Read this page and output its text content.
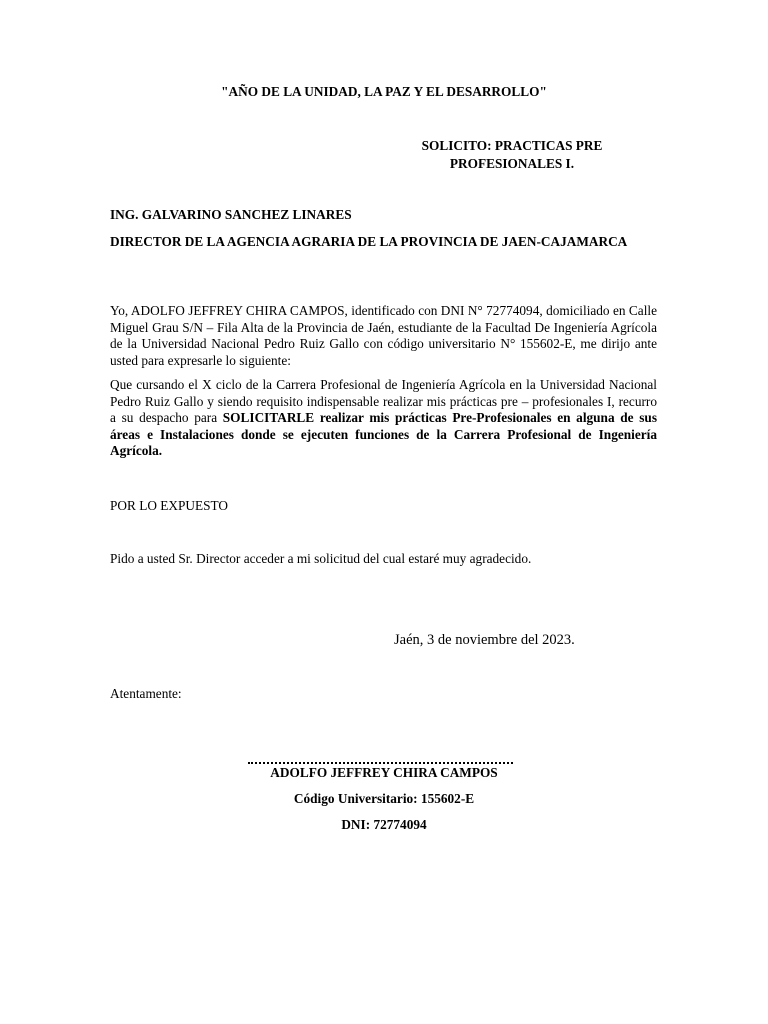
"AÑO DE LA UNIDAD, LA PAZ Y EL DESARROLLO"
SOLICITO: PRACTICAS PRE
PROFESIONALES I.
ING. GALVARINO SANCHEZ LINARES
DIRECTOR DE LA AGENCIA AGRARIA DE LA PROVINCIA DE JAEN-CAJAMARCA
Yo, ADOLFO JEFFREY CHIRA CAMPOS, identificado con DNI N° 72774094, domiciliado en Calle Miguel Grau S/N – Fila Alta de la Provincia de Jaén, estudiante de la Facultad De Ingeniería Agrícola de la Universidad Nacional Pedro Ruiz Gallo con código universitario N° 155602-E, me dirijo ante usted para expresarle lo siguiente:
Que cursando el X ciclo de la Carrera Profesional de Ingeniería Agrícola en la Universidad Nacional Pedro Ruiz Gallo y siendo requisito indispensable realizar mis prácticas pre – profesionales I, recurro a su despacho para SOLICITARLE realizar mis prácticas Pre-Profesionales en alguna de sus áreas e Instalaciones donde se ejecuten funciones de la Carrera Profesional de Ingeniería Agrícola.
POR LO EXPUESTO
Pido a usted Sr. Director acceder a mi solicitud del cual estaré muy agradecido.
Jaén, 3 de noviembre del 2023.
Atentamente:
ADOLFO JEFFREY CHIRA CAMPOS
Código Universitario: 155602-E
DNI: 72774094
